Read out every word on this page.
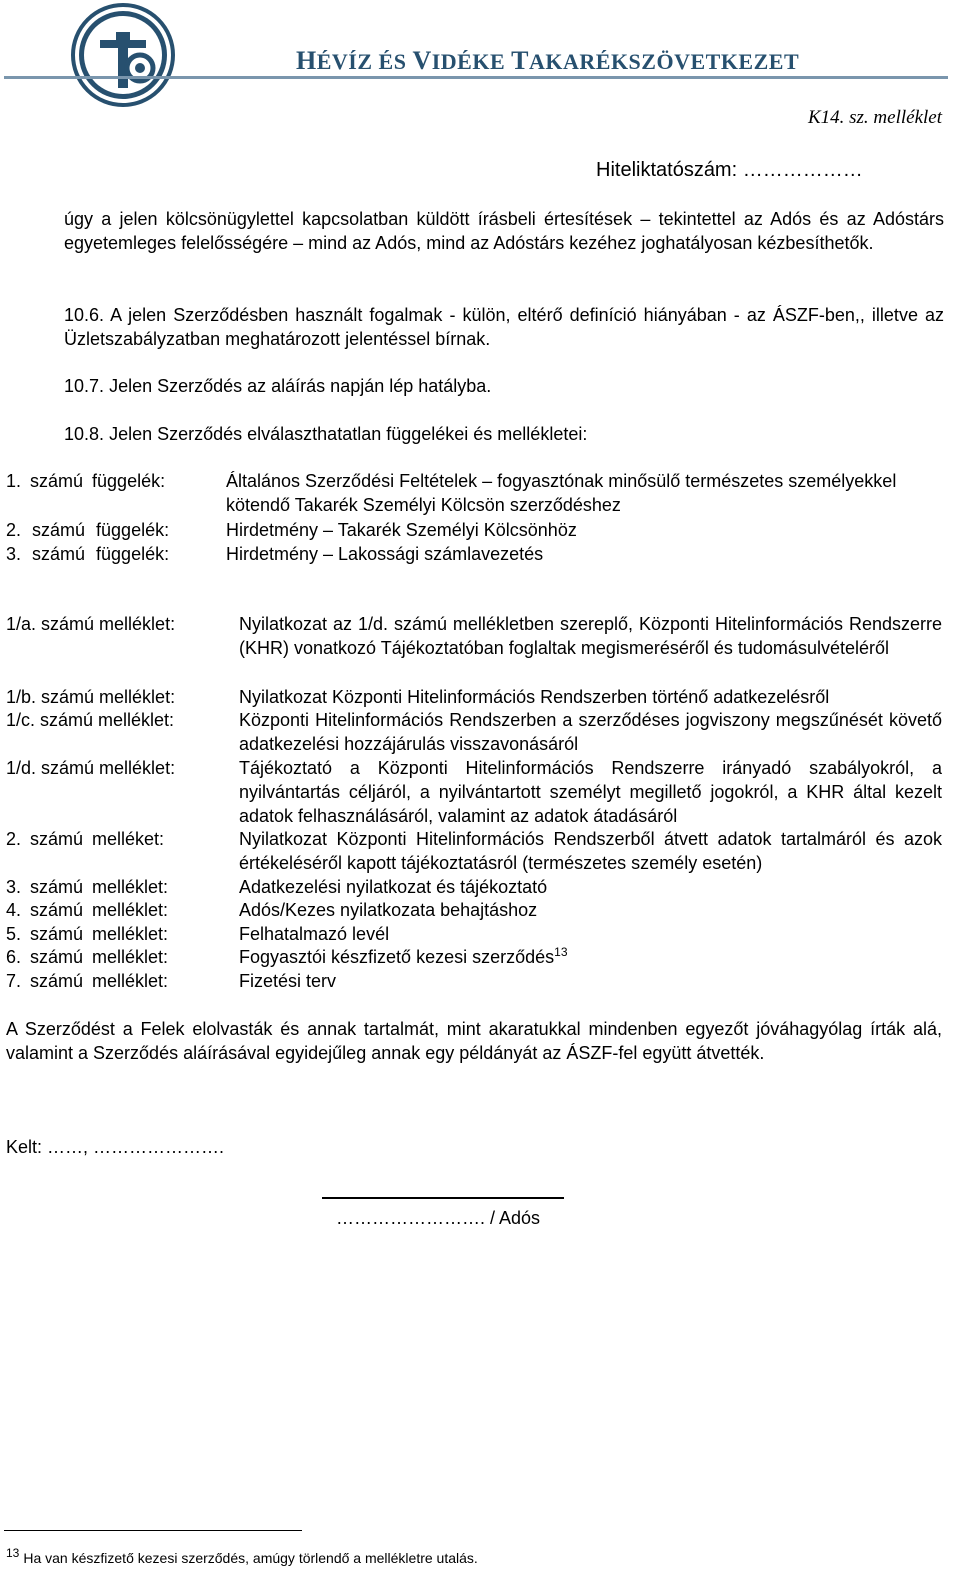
HÉVÍZ ÉS VIDÉKE TAKARÉKSZÖVETKEZET
K14. sz. melléklet
Hiteliktatószám: ………………
úgy a jelen kölcsönügylettel kapcsolatban küldött írásbeli értesítések – tekintettel az Adós és az Adóstárs egyetemleges felelősségére – mind az Adós, mind az Adóstárs kezéhez joghatályosan kézbesíthetők.
10.6. A jelen Szerződésben használt fogalmak - külön, eltérő definíció hiányában - az ÁSZF-ben,, illetve az Üzletszabályzatban meghatározott jelentéssel bírnak.
10.7. Jelen Szerződés az aláírás napján lép hatályba.
10.8. Jelen Szerződés elválaszthatatlan függelékei és mellékletei:
1. számú függelék:	Általános Szerződési Feltételek – fogyasztónak minősülő természetes személyekkel kötendő Takarék Személyi Kölcsön szerződéshez
2. számú függelék:	Hirdetmény – Takarék Személyi Kölcsönhöz
3. számú függelék:	Hirdetmény – Lakossági számlavezetés
1/a. számú melléklet:	Nyilatkozat az 1/d. számú mellékletben szereplő, Központi Hitelinformációs Rendszerre (KHR) vonatkozó Tájékoztatóban foglaltak megismeréséről és tudomásulvételéről
1/b. számú melléklet:	Nyilatkozat Központi Hitelinformációs Rendszerben történő adatkezelésről
1/c. számú melléklet:	Központi Hitelinformációs Rendszerben a szerződéses jogviszony megszűnését követő adatkezelési hozzájárulás visszavonásáról
1/d. számú melléklet:	Tájékoztató a Központi Hitelinformációs Rendszerre irányadó szabályokról, a nyilvántartás céljáról, a nyilvántartott személyt megillető jogokról, a KHR által kezelt adatok felhasználásáról, valamint az adatok átadásáról
2. számú melléket:	Nyilatkozat Központi Hitelinformációs Rendszerből átvett adatok tartalmáról és azok értékeléséről kapott tájékoztatásról (természetes személy esetén)
3. számú melléklet:	Adatkezelési nyilatkozat és tájékoztató
4. számú melléklet:	Adós/Kezes nyilatkozata behajtáshoz
5. számú melléklet:	Felhatalmazó levél
6. számú melléklet:	Fogyasztói készfizető kezesi szerződés$^{13}$
7. számú melléklet:	Fizetési terv
A Szerződést a Felek elolvasták és annak tartalmát, mint akaratukkal mindenben egyezőt jóváhagyólag írták alá, valamint a Szerződés aláírásával egyidejűleg annak egy példányát az ÁSZF-fel együtt átvették.
Kelt: ……, ………………….
……………………. / Adós
13 Ha van készfizető kezesi szerződés, amúgy törlendő a mellékletre utalás.
